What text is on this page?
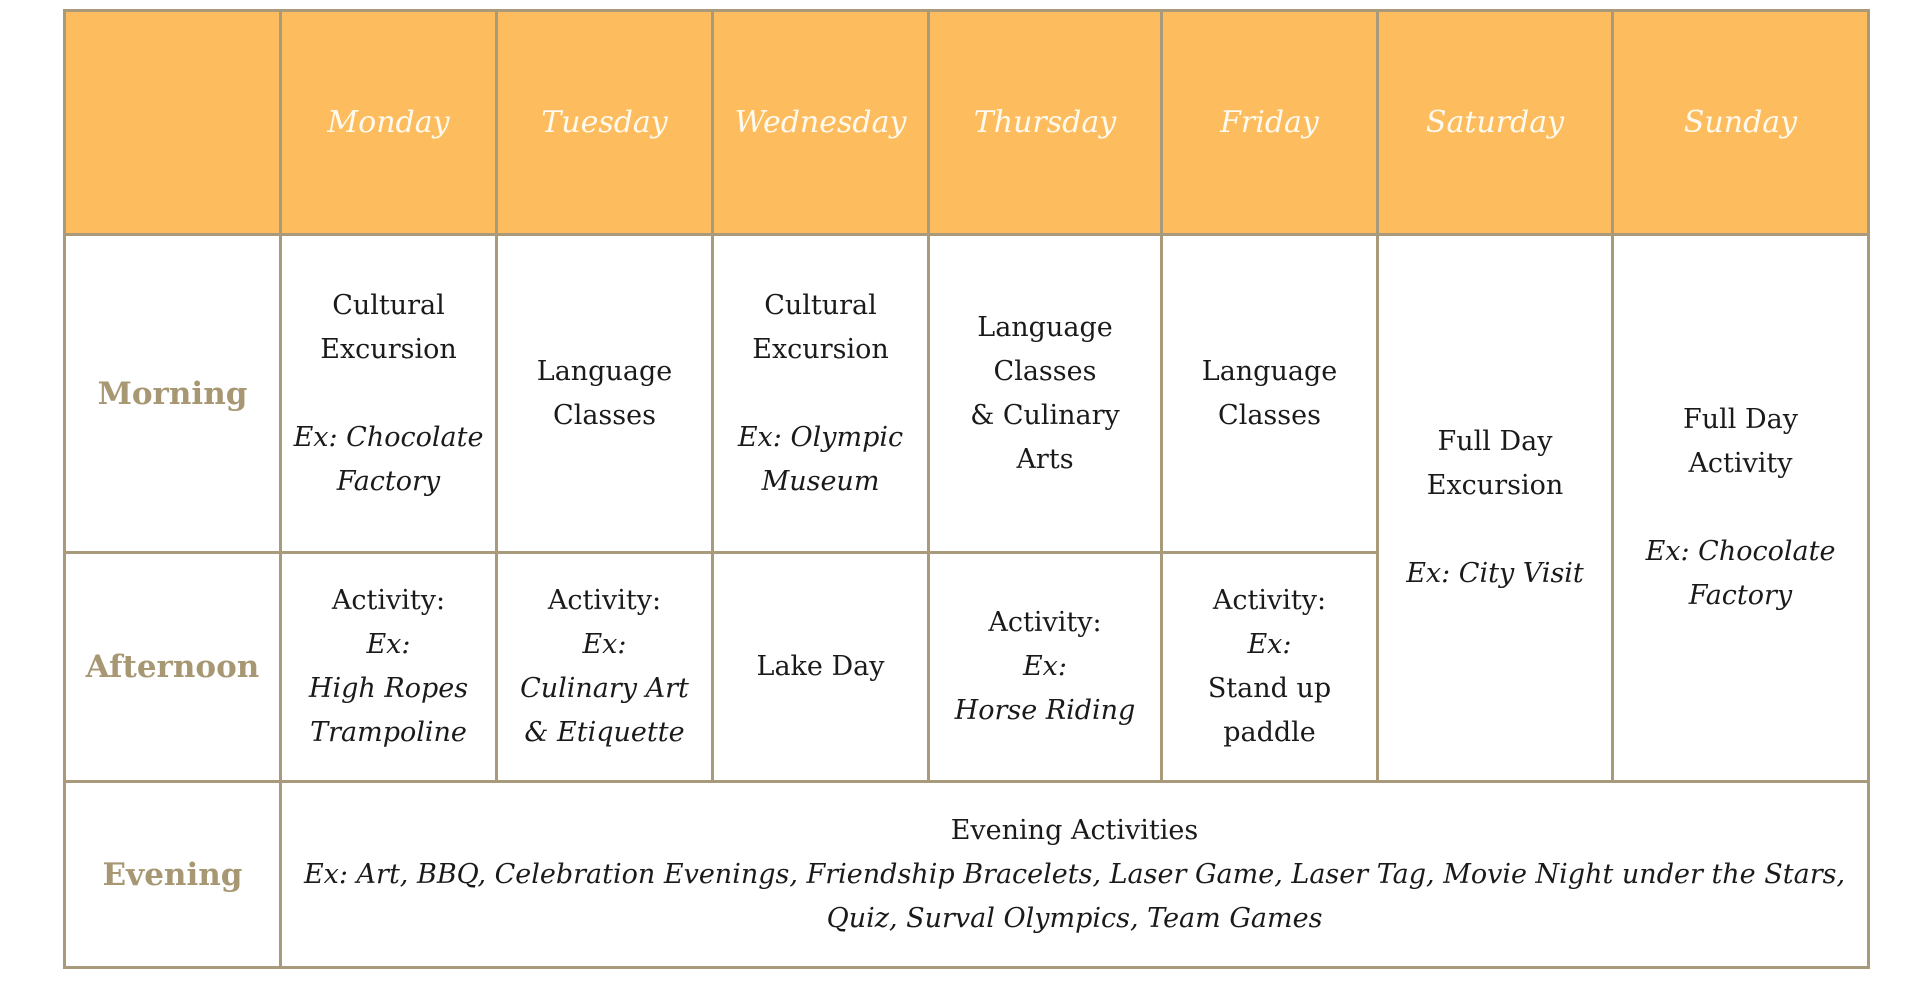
	Monday	Tuesday	Wednesday	Thursday	Friday	Saturday	Sunday
Morning	Cultural
Excursion
Ex: Chocolate
Factory	Language
Classes	Cultural
Excursion
Ex: Olympic
Museum	Language
Classes
& Culinary
Arts	Language
Classes	Full Day
Excursion
Ex: City Visit	Full Day
Activity
Ex: Chocolate
Factory
Afternoon	Activity:
Ex:
High Ropes
Trampoline	Activity:
Ex:
Culinary Art
& Etiquette	Lake Day	Activity:
Ex:
Horse Riding	Activity:
Ex:
Stand up
paddle		
Evening	Evening Activities
Ex: Art, BBQ, Celebration Evenings, Friendship Bracelets, Laser Game, Laser Tag, Movie Night under the Stars, Quiz, Surval Olympics, Team Games						
